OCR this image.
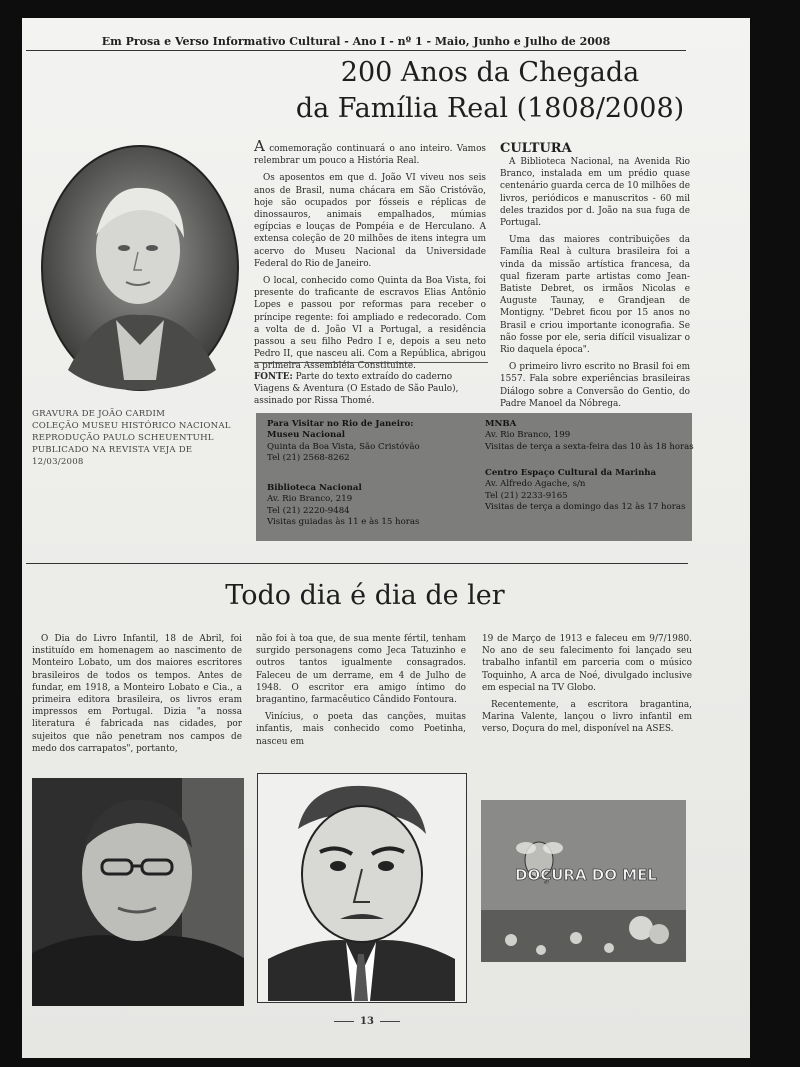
Em Prosa e Verso Informativo Cultural - Ano I - nº 1 - Maio, Junho e Julho de 2008
200 Anos da Chegada
da Família Real (1808/2008)
GRAVURA DE JOÃO CARDIM
COLEÇÃO MUSEU HISTÓRICO NACIONAL
REPRODUÇÃO PAULO SCHEUENTUHL
PUBLICADO NA REVISTA VEJA DE
12/03/2008

A comemoração continuará o ano inteiro. Vamos relembrar um pouco a História Real.

Os aposentos em que d. João VI viveu nos seis anos de Brasil, numa chácara em São Cristóvão, hoje são ocupados por fósseis e réplicas de dinossauros, animais empalhados, múmias egípcias e louças de Pompéia e de Herculano. A extensa coleção de 20 milhões de itens integra um acervo do Museu Nacional da Universidade Federal do Rio de Janeiro.

O local, conhecido como Quinta da Boa Vista, foi presente do traficante de escravos Elias Antônio Lopes e passou por reformas para receber o príncipe regente: foi ampliado e redecorado. Com a volta de d. João VI a Portugal, a residência passou a seu filho Pedro I e, depois a seu neto Pedro II, que nasceu ali. Com a República, abrigou a primeira Assembléia Constituinte.

FONTE: Parte do texto extraído do caderno Viagens & Aventura (O Estado de São Paulo), assinado por Rissa Thomé.
CULTURA

A Biblioteca Nacional, na Avenida Rio Branco, instalada em um prédio quase centenário guarda cerca de 10 milhões de livros, periódicos e manuscritos - 60 mil deles trazidos por d. João na sua fuga de Portugal.

Uma das maiores contribuições da Família Real à cultura brasileira foi a vinda da missão artística francesa, da qual fizeram parte artistas como Jean-Batiste Debret, os irmãos Nicolas e Auguste Taunay, e Grandjean de Montigny. "Debret ficou por 15 anos no Brasil e criou importante iconografia. Se não fosse por ele, seria difícil visualizar o Rio daquela época".

O primeiro livro escrito no Brasil foi em 1557. Fala sobre experiências brasileiras Diálogo sobre a Conversão do Gentio, do Padre Manoel da Nóbrega.

Para Visitar no Rio de Janeiro:
Museu Nacional
Quinta da Boa Vista, São Cristóvão
Tel (21) 2568-8262
Biblioteca Nacional
Av. Rio Branco, 219
Tel (21) 2220-9484
Visitas guiadas às 11 e às 15 horas
MNBA
Av. Rio Branco, 199
Visitas de terça a sexta-feira das 10 às 18 horas
Centro Espaço Cultural da Marinha
Av. Alfredo Agache, s/n
Tel (21) 2233-9165
Visitas de terça a domingo das 12 às 17 horas
Todo dia é dia de ler

O Dia do Livro Infantil, 18 de Abril, foi instituído em homenagem ao nascimento de Monteiro Lobato, um dos maiores escritores brasileiros de todos os tempos. Antes de fundar, em 1918, a Monteiro Lobato e Cia., a primeira editora brasileira, os livros eram impressos em Portugal. Dizia "a nossa literatura é fabricada nas cidades, por sujeitos que não penetram nos campos de medo dos carrapatos", portanto,

não foi à toa que, de sua mente fértil, tenham surgido personagens como Jeca Tatuzinho e outros tantos igualmente consagrados. Faleceu de um derrame, em 4 de Julho de 1948. O escritor era amigo íntimo do bragantino, farmacêutico Cândido Fontoura.

Vinícius, o poeta das canções, muitas infantis, mais conhecido como Poetinha, nasceu em

19 de Março de 1913 e faleceu em 9/7/1980. No ano de seu falecimento foi lançado seu trabalho infantil em parceria com o músico Toquinho, A arca de Noé, divulgado inclusive em especial na TV Globo.

Recentemente, a escritora bragantina, Marina Valente, lançou o livro infantil em verso, Doçura do mel, disponível na ASES.

DOÇURA DO MEL
13
